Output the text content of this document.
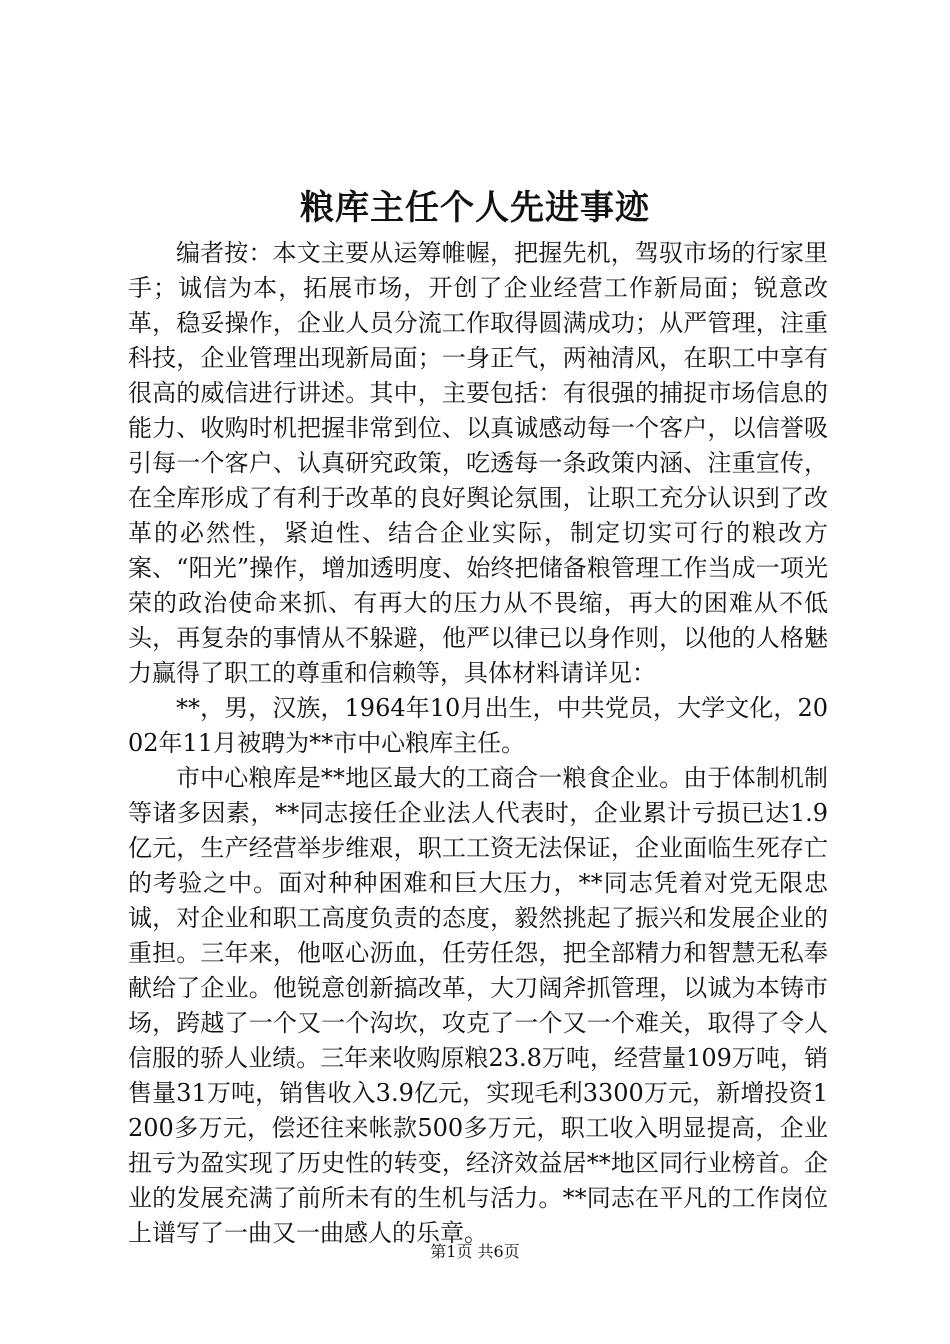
粮库主任个人先进事迹

编者按：本文主要从运筹帷幄，把握先机，驾驭市场的行家里手；诚信为本，拓展市场，开创了企业经营工作新局面；锐意改革，稳妥操作，企业人员分流工作取得圆满成功；从严管理，注重科技，企业管理出现新局面；一身正气，两袖清风，在职工中享有很高的威信进行讲述。其中，主要包括：有很强的捕捉市场信息的能力、收购时机把握非常到位、以真诚感动每一个客户，以信誉吸引每一个客户、认真研究政策，吃透每一条政策内涵、注重宣传，在全库形成了有利于改革的良好舆论氛围，让职工充分认识到了改革的必然性，紧迫性、结合企业实际，制定切实可行的粮改方案、“阳光”操作，增加透明度、始终把储备粮管理工作当成一项光荣的政治使命来抓、有再大的压力从不畏缩，再大的困难从不低头，再复杂的事情从不躲避，他严以律已以身作则，以他的人格魅力赢得了职工的尊重和信赖等，具体材料请详见：

**，男，汉族，1964年10月出生，中共党员，大学文化，2002年11月被聘为**市中心粮库主任。

市中心粮库是**地区最大的工商合一粮食企业。由于体制机制等诸多因素，**同志接任企业法人代表时，企业累计亏损已达1.9亿元，生产经营举步维艰，职工工资无法保证，企业面临生死存亡的考验之中。面对种种困难和巨大压力，**同志凭着对党无限忠诚，对企业和职工高度负责的态度，毅然挑起了振兴和发展企业的重担。三年来，他呕心沥血，任劳任怨，把全部精力和智慧无私奉献给了企业。他锐意创新搞改革，大刀阔斧抓管理，以诚为本铸市场，跨越了一个又一个沟坎，攻克了一个又一个难关，取得了令人信服的骄人业绩。三年来收购原粮23.8万吨，经营量109万吨，销售量31万吨，销售收入3.9亿元，实现毛利3300万元，新增投资1200多万元，偿还往来帐款500多万元，职工收入明显提高，企业扭亏为盈实现了历史性的转变，经济效益居**地区同行业榜首。企业的发展充满了前所未有的生机与活力。**同志在平凡的工作岗位上谱写了一曲又一曲感人的乐章。

第1页 共6页
